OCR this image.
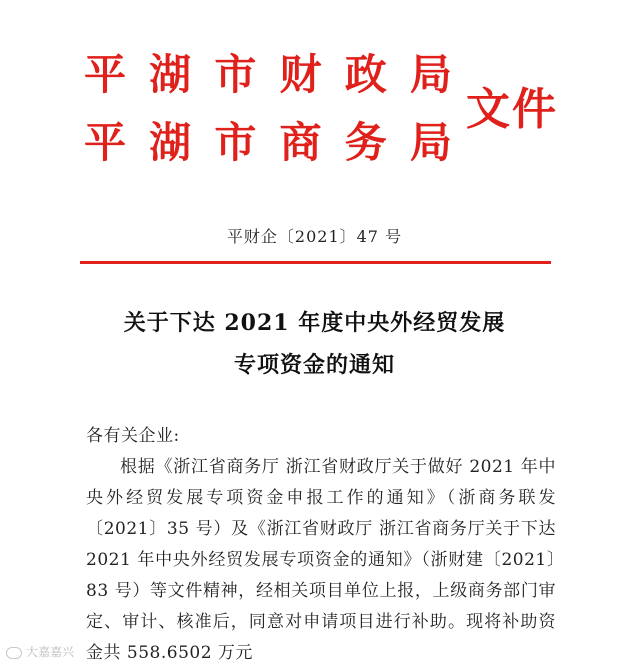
平 湖 市 财 政 局
平 湖 市 商 务 局
文件
平财企〔2021〕47 号
关于下达 2021 年度中央外经贸发展
专项资金的通知
各有关企业:
根据《浙江省商务厅 浙江省财政厅关于做好 2021 年中央外经贸发展专项资金申报工作的通知》（浙商务联发〔2021〕35 号）及《浙江省财政厅 浙江省商务厅关于下达 2021 年中央外经贸发展专项资金的通知》（浙财建〔2021〕83 号）等文件精神，经相关项目单位上报，上级商务部门审定、审计、核准后，同意对申请项目进行补助。现将补助资金共 558.6502 万元
大嘉嘉兴
